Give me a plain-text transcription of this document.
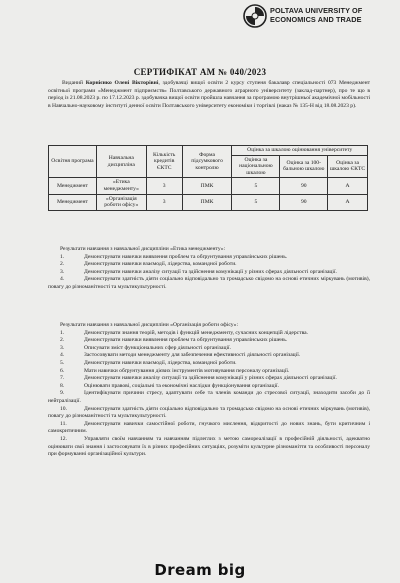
POLTAVA UNIVERSITY OF
ECONOMICS AND TRADE
СЕРТИФІКАТ АМ № 040/2023
Виданий Корнієнко Олені Вікторівні, здобувачці вищої освіти 2 курсу ступеня бакалавр спеціальності 073 Менеджмент освітньої програми «Менеджмент підприємств» Полтавського державного аграрного університету (заклад-партнер), про те що в період із 21.08.2023 р. по 17.12.2023 р. здобувачка вищої освіти пройшла навчання за програмою внутрішньої академічної мобільності в Навчально-науковому інституті денної освіти Полтавського університету економіки і торгівлі (наказ № 135-Н від 18.08.2023 р).
Освітня програма	Навчальна дисципліна	Кількість кредитів ЄКТС	Форма підсумкового контролю	Оцінка за шкалою оцінювання університету		
				Оцінка за національною шкалою	Оцінка за 100-бальною шкалою	Оцінка за шкалою ЄКТС
Менеджмент	«Етика менеджменту»	3	ПМК	5	90	A
Менеджмент	«Організація роботи офісу»	3	ПМК	5	90	A

Результати навчання з навчальної дисципліни «Етика менеджменту»:

1.	Демонструвати навички виявлення проблем та обґрунтування управлінських рішень.

2.	Демонструвати навички взаємодії, лідерства, командної роботи.

3.	Демонструвати навички аналізу ситуації та здійснення комунікації у різних сферах діяльності організації.

4.	Демонструвати здатність діяти соціально відповідально та громадсько свідомо на основі етичних міркувань (мотивів), повагу до різноманітності та мультикультурності.

Результати навчання з навчальної дисципліни «Організація роботи офісу»:

1.	Демонструвати знання теорій, методів і функцій менеджменту, сучасних концепцій лідерства.

2.	Демонструвати навички виявлення проблем та обґрунтування управлінських рішень.

3.	Описувати зміст функціональних сфер діяльності організації.

4.	Застосовувати методи менеджменту для забезпечення ефективності діяльності організації.

5.	Демонструвати навички взаємодії, лідерства, командної роботи.

6.	Мати навички обґрунтування дієвих інструментів мотивування персоналу організації.

7.	Демонструвати навички аналізу ситуації та здійснення комунікації у різних сферах діяльності організації.

8.	Оцінювати правові, соціальні та економічні наслідки функціонування організації.

9.	Ідентифікувати причини стресу, адаптувати себе та членів команди до стресової ситуації, знаходити засоби до її нейтралізації.

10.	Демонструвати здатність діяти соціально відповідально та громадсько свідомо на основі етичних міркувань (мотивів), повагу до різноманітності та мультикультурності.

11.	Демонструвати навички самостійної роботи, гнучкого мислення, відкритості до нових знань, бути критичним і самокритичним.

12.	Управляти своїм навчанням та навчанням підлеглих з метою самореалізації в професійній діяльності, адекватно оцінювати свої знання і застосовувати їх в різних професійних ситуаціях, розуміти культурне різноманіття та особливості персоналу при формуванні організаційної культури.

Dream big
